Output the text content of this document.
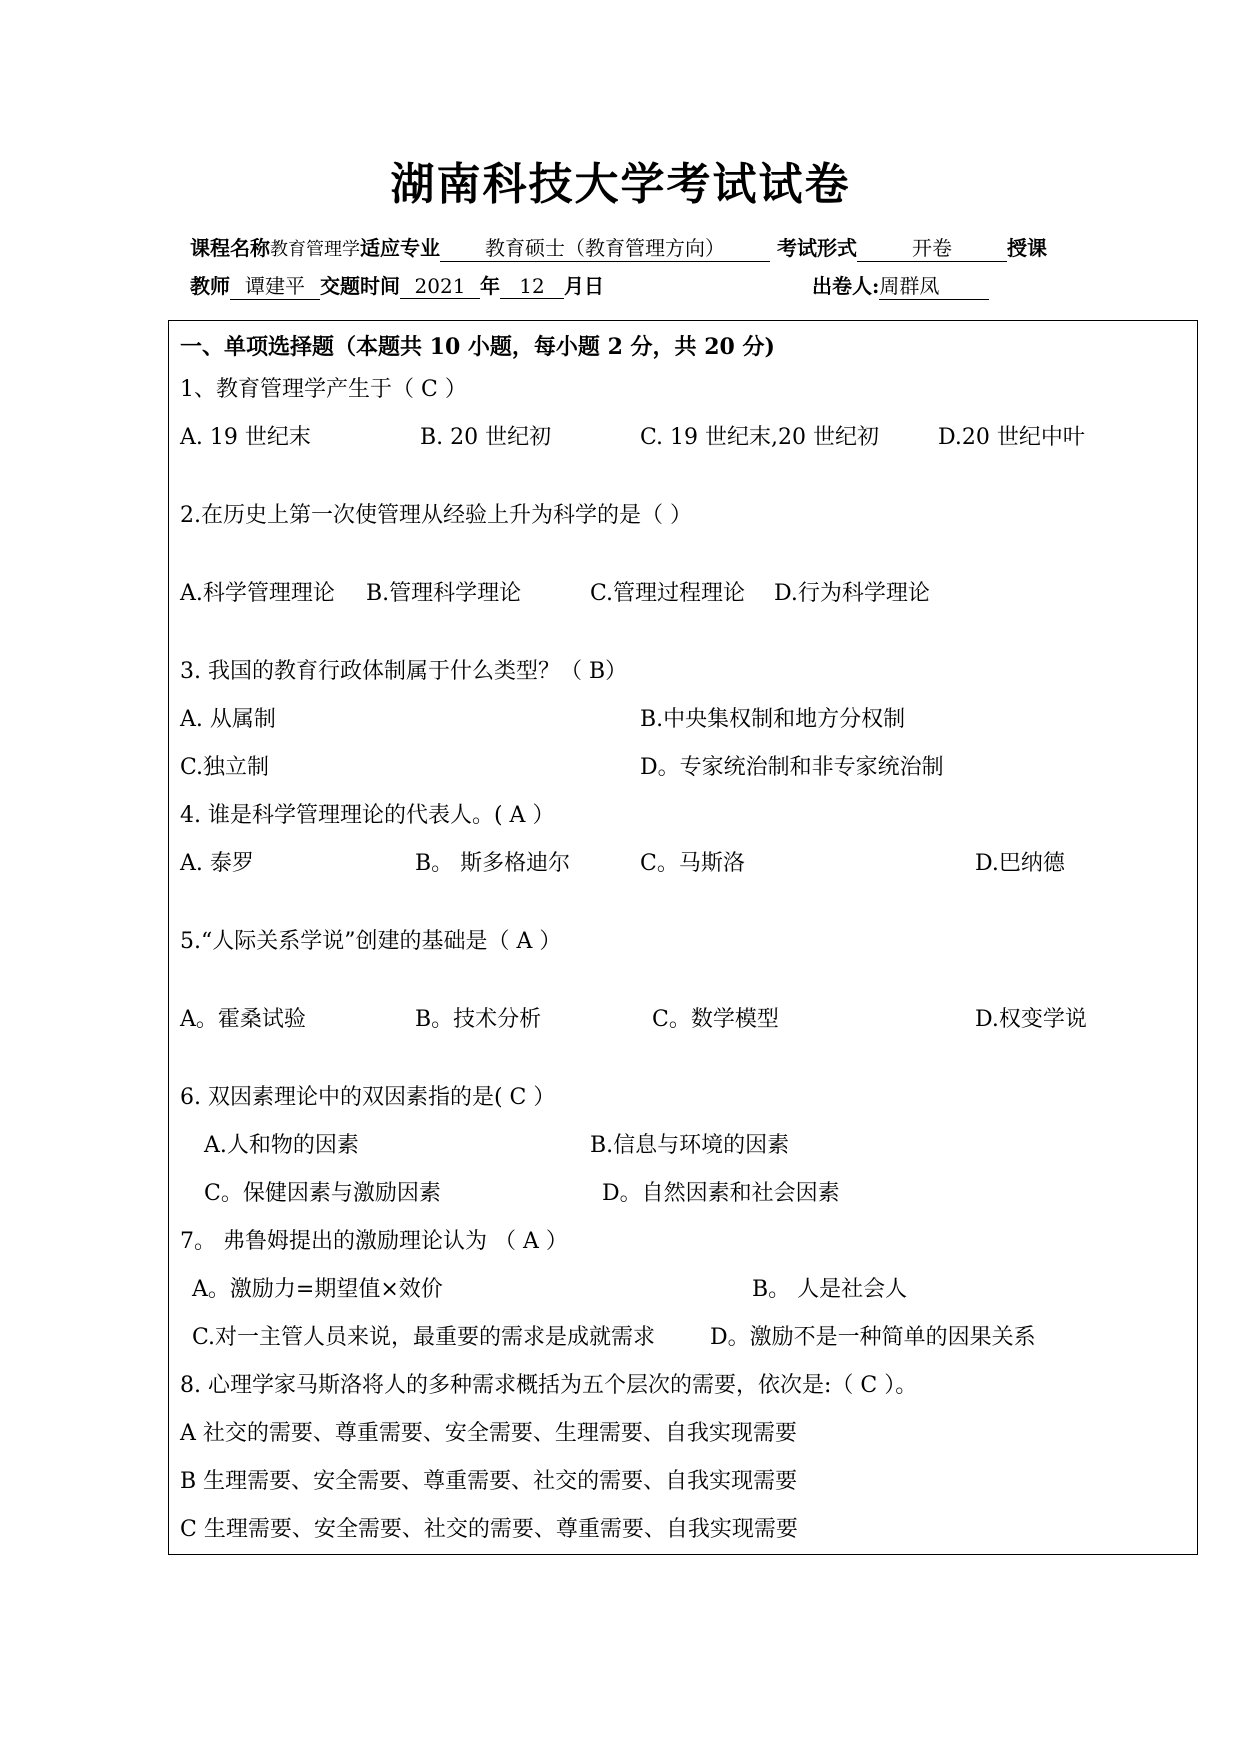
湖南科技大学考试试卷
课程名称教育管理学适应专业 教育硕士（教育管理方向）	考试形式	开卷	授课
教师 谭建平 交题时间 2021 年 12 月日	出卷人:周群凤
一、单项选择题（本题共 10 小题，每小题 2 分，共 20 分)
1、教育管理学产生于（ C ）
A. 19 世纪末	B. 20 世纪初	C. 19 世纪末,20 世纪初	D.20 世纪中叶
2.在历史上第一次使管理从经验上升为科学的是（ ）
A.科学管理理论 B.管理科学理论	C.管理过程理论 D.行为科学理论
3. 我国的教育行政体制属于什么类型？（ B）
A. 从属制	B.中央集权制和地方分权制
C.独立制	D。专家统治制和非专家统治制
4. 谁是科学管理理论的代表人。( A ）
A. 泰罗	B。 斯多格迪尔	C。马斯洛	D.巴纳德
5.“人际关系学说”创建的基础是（ A ）
A。霍桑试验	B。技术分析	C。数学模型	D.权变学说
6. 双因素理论中的双因素指的是( C ）
A.人和物的因素	B.信息与环境的因素
C。保健因素与激励因素	D。自然因素和社会因素
7。 弗鲁姆提出的激励理论认为 （ A ）
A。激励力=期望值×效价	B。 人是社会人
C.对一主管人员来说，最重要的需求是成就需求 D。激励不是一种简单的因果关系
8. 心理学家马斯洛将人的多种需求概括为五个层次的需要，依次是:（ C ）。
A 社交的需要、尊重需要、安全需要、生理需要、自我实现需要
B 生理需要、安全需要、尊重需要、社交的需要、自我实现需要
C 生理需要、安全需要、社交的需要、尊重需要、自我实现需要
